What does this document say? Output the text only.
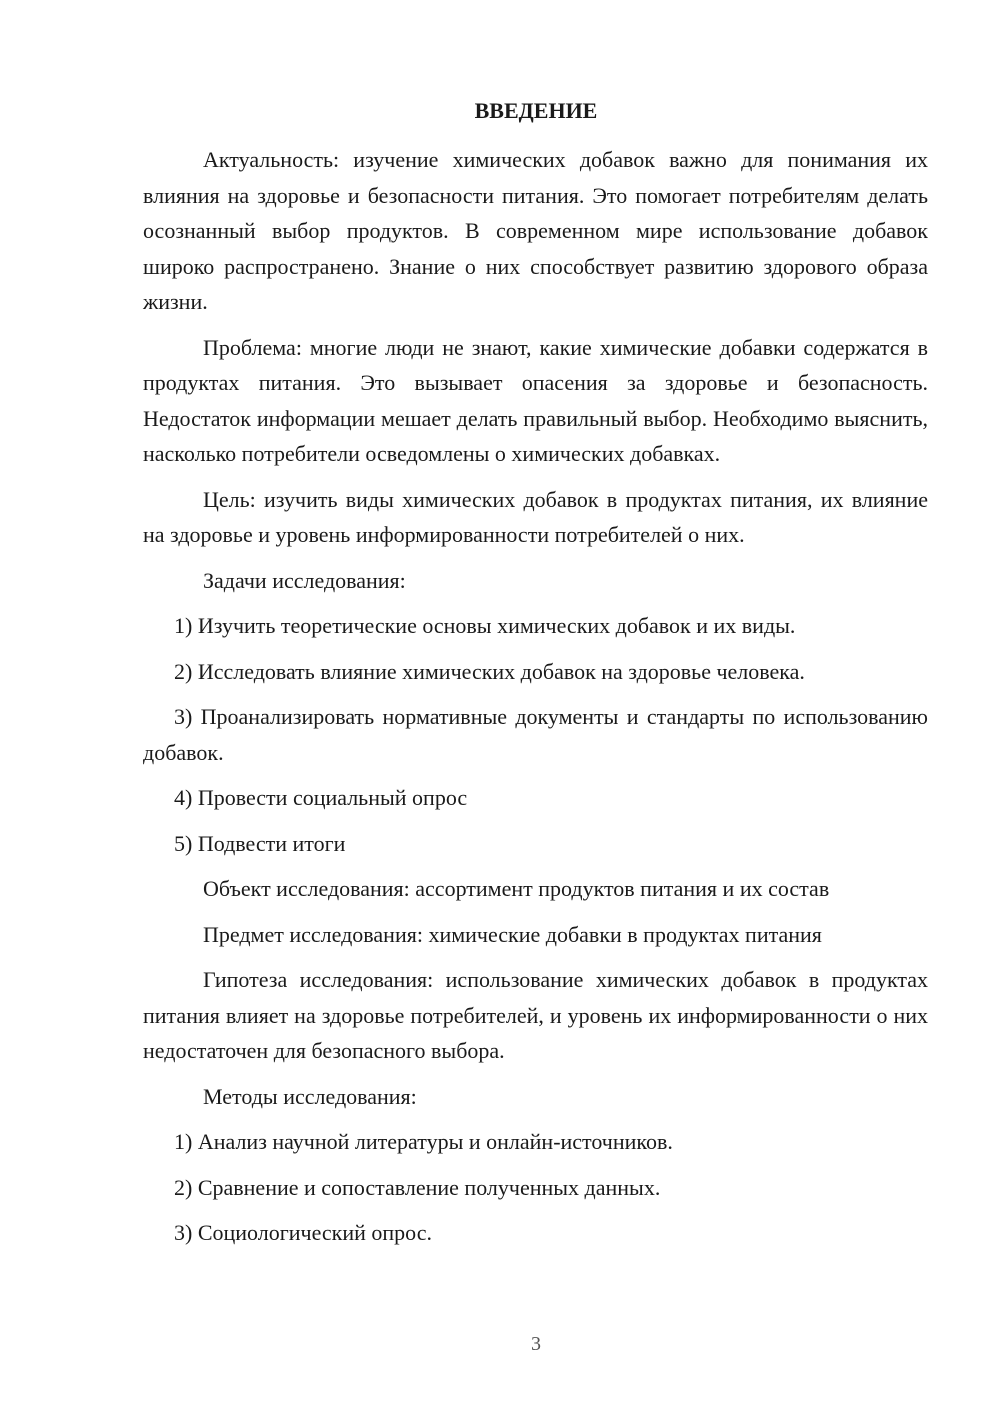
ВВЕДЕНИЕ

Актуальность: изучение химических добавок важно для понимания их влияния на здоровье и безопасности питания. Это помогает потребителям делать осознанный выбор продуктов. В современном мире использование добавок широко распространено. Знание о них способствует развитию здорового образа жизни.

Проблема: многие люди не знают, какие химические добавки содержатся в продуктах питания. Это вызывает опасения за здоровье и безопасность. Недостаток информации мешает делать правильный выбор. Необходимо выяснить, насколько потребители осведомлены о химических добавках.

Цель: изучить виды химических добавок в продуктах питания, их влияние на здоровье и уровень информированности потребителей о них.

Задачи исследования:

1) Изучить теоретические основы химических добавок и их виды.

2) Исследовать влияние химических добавок на здоровье человека.

3) Проанализировать нормативные документы и стандарты по использованию добавок.

4) Провести социальный опрос

5) Подвести итоги

Объект исследования: ассортимент продуктов питания и их состав

Предмет исследования: химические добавки в продуктах питания

Гипотеза исследования: использование химических добавок в продуктах питания влияет на здоровье потребителей, и уровень их информированности о них недостаточен для безопасного выбора.

Методы исследования:

1) Анализ научной литературы и онлайн-источников.

2) Сравнение и сопоставление полученных данных.

3) Социологический опрос.

3
